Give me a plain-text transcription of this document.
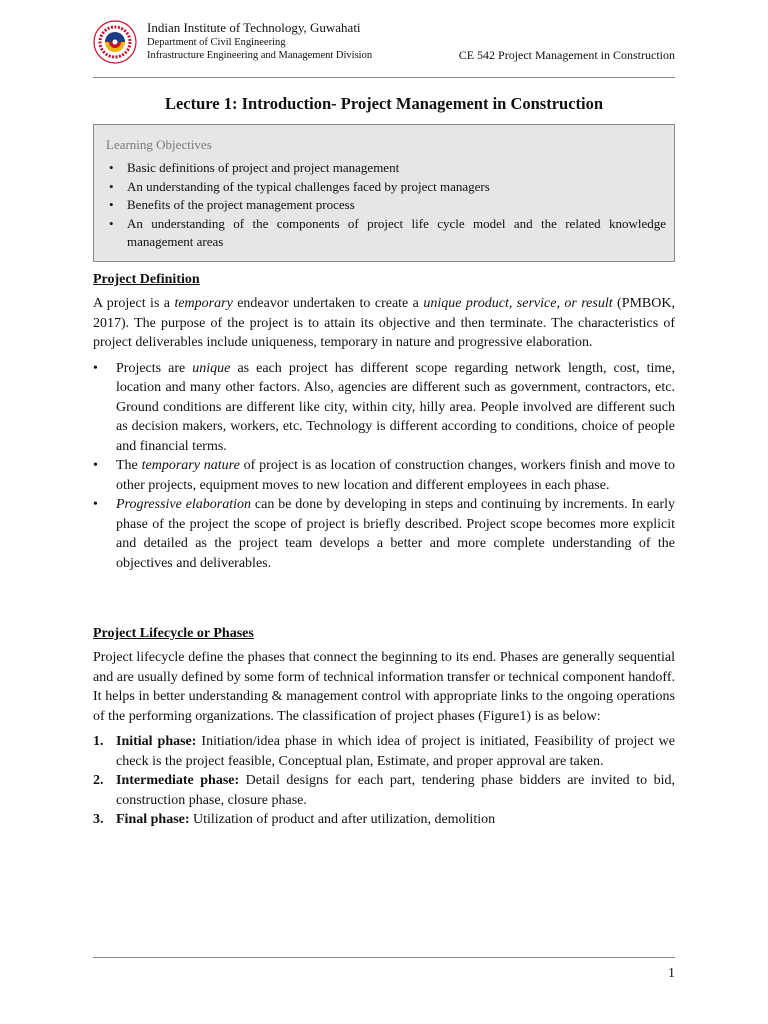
Indian Institute of Technology, Guwahati
Department of Civil Engineering
Infrastructure Engineering and Management Division	CE 542 Project Management in Construction
Lecture 1: Introduction- Project Management in Construction
Learning Objectives
• Basic definitions of project and project management
• An understanding of the typical challenges faced by project managers
• Benefits of the project management process
• An understanding of the components of project life cycle model and the related knowledge management areas

Project Definition

A project is a temporary endeavor undertaken to create a unique product, service, or result (PMBOK, 2017). The purpose of the project is to attain its objective and then terminate. The characteristics of project deliverables include uniqueness, temporary in nature and progressive elaboration.

• Projects are unique as each project has different scope regarding network length, cost, time, location and many other factors. Also, agencies are different such as government, contractors, etc. Ground conditions are different like city, within city, hilly area. People involved are different such as decision makers, workers, etc. Technology is different according to conditions, choice of people and financial terms.

• The temporary nature of project is as location of construction changes, workers finish and move to other projects, equipment moves to new location and different employees in each phase.

• Progressive elaboration can be done by developing in steps and continuing by increments. In early phase of the project the scope of project is briefly described. Project scope becomes more explicit and detailed as the project team develops a better and more complete understanding of the objectives and deliverables.

Project Lifecycle or Phases

Project lifecycle define the phases that connect the beginning to its end. Phases are generally sequential and are usually defined by some form of technical information transfer or technical component handoff. It helps in better understanding & management control with appropriate links to the ongoing operations of the performing organizations. The classification of project phases (Figure1) is as below:

1. Initial phase: Initiation/idea phase in which idea of project is initiated, Feasibility of project we check is the project feasible, Conceptual plan, Estimate, and proper approval are taken.

2. Intermediate phase: Detail designs for each part, tendering phase bidders are invited to bid, construction phase, closure phase.

3. Final phase: Utilization of product and after utilization, demolition

1
